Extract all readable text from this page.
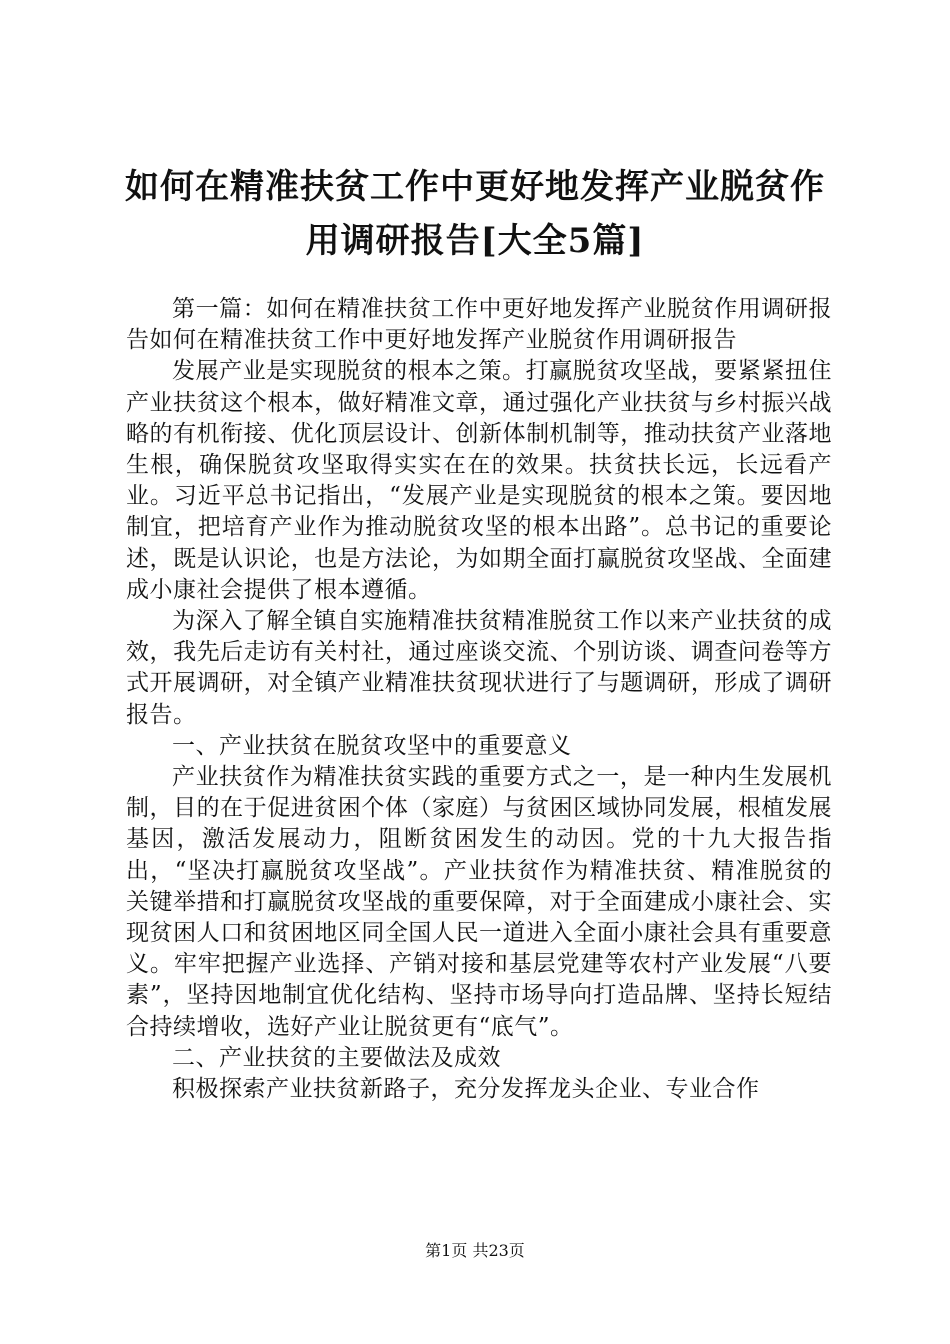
如何在精准扶贫工作中更好地发挥产业脱贫作
用调研报告[大全5篇]

第一篇：如何在精准扶贫工作中更好地发挥产业脱贫作用调研报告如何在精准扶贫工作中更好地发挥产业脱贫作用调研报告

发展产业是实现脱贫的根本之策。打赢脱贫攻坚战，要紧紧扭住产业扶贫这个根本，做好精准文章，通过强化产业扶贫与乡村振兴战略的有机衔接、优化顶层设计、创新体制机制等，推动扶贫产业落地生根，确保脱贫攻坚取得实实在在的效果。扶贫扶长远，长远看产业。习近平总书记指出，“发展产业是实现脱贫的根本之策。要因地制宜，把培育产业作为推动脱贫攻坚的根本出路”。总书记的重要论述，既是认识论，也是方法论，为如期全面打赢脱贫攻坚战、全面建成小康社会提供了根本遵循。

为深入了解全镇自实施精准扶贫精准脱贫工作以来产业扶贫的成效，我先后走访有关村社，通过座谈交流、个别访谈、调查问卷等方式开展调研，对全镇产业精准扶贫现状进行了与题调研，形成了调研报告。

一、产业扶贫在脱贫攻坚中的重要意义

产业扶贫作为精准扶贫实践的重要方式之一，是一种内生发展机制，目的在于促进贫困个体（家庭）与贫困区域协同发展，根植发展基因，激活发展动力，阻断贫困发生的动因。党的十九大报告指出，“坚决打赢脱贫攻坚战”。产业扶贫作为精准扶贫、精准脱贫的关键举措和打赢脱贫攻坚战的重要保障，对于全面建成小康社会、实现贫困人口和贫困地区同全国人民一道进入全面小康社会具有重要意义。牢牢把握产业选择、产销对接和基层党建等农村产业发展“八要素”，坚持因地制宜优化结构、坚持市场导向打造品牌、坚持长短结合持续增收，选好产业让脱贫更有“底气”。

二、产业扶贫的主要做法及成效

积极探索产业扶贫新路子，充分发挥龙头企业、专业合作

第1页 共23页
